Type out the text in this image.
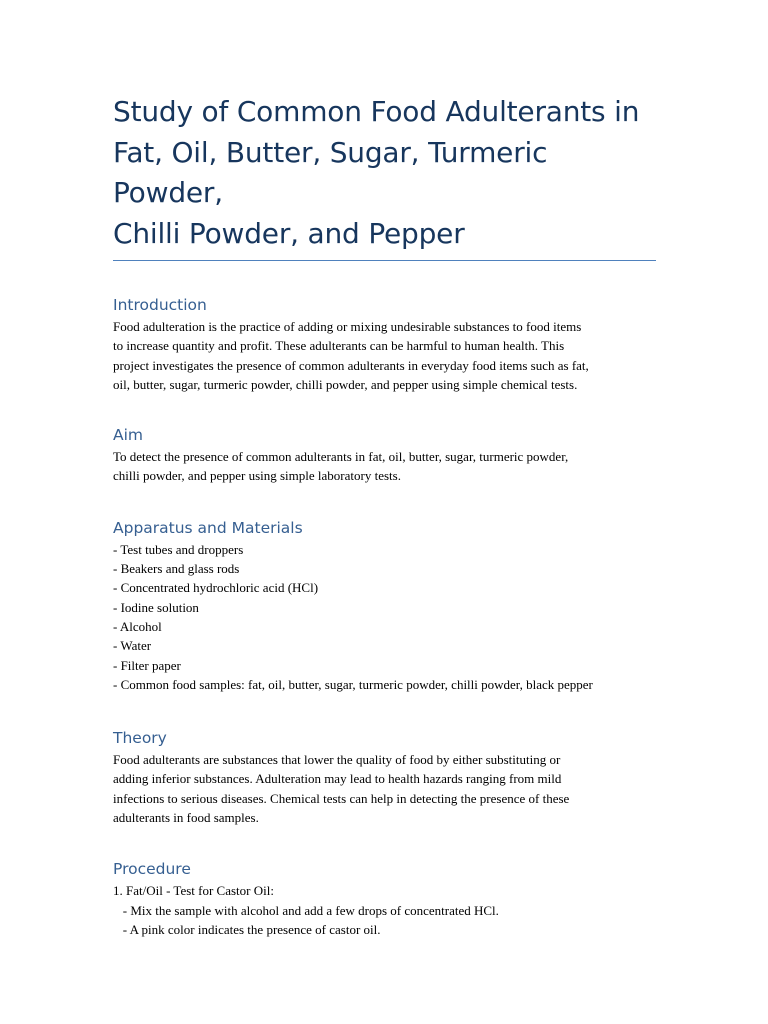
Study of Common Food Adulterants in
Fat, Oil, Butter, Sugar, Turmeric Powder,
Chilli Powder, and Pepper
Introduction

Food adulteration is the practice of adding or mixing undesirable substances to food items
to increase quantity and profit. These adulterants can be harmful to human health. This
project investigates the presence of common adulterants in everyday food items such as fat,
oil, butter, sugar, turmeric powder, chilli powder, and pepper using simple chemical tests.

Aim

To detect the presence of common adulterants in fat, oil, butter, sugar, turmeric powder,
chilli powder, and pepper using simple laboratory tests.

Apparatus and Materials
- Test tubes and droppers
- Beakers and glass rods
- Concentrated hydrochloric acid (HCl)
- Iodine solution
- Alcohol
- Water
- Filter paper
- Common food samples: fat, oil, butter, sugar, turmeric powder, chilli powder, black pepper
Theory

Food adulterants are substances that lower the quality of food by either substituting or
adding inferior substances. Adulteration may lead to health hazards ranging from mild
infections to serious diseases. Chemical tests can help in detecting the presence of these
adulterants in food samples.

Procedure
1. Fat/Oil - Test for Castor Oil:
- Mix the sample with alcohol and add a few drops of concentrated HCl.
- A pink color indicates the presence of castor oil.
